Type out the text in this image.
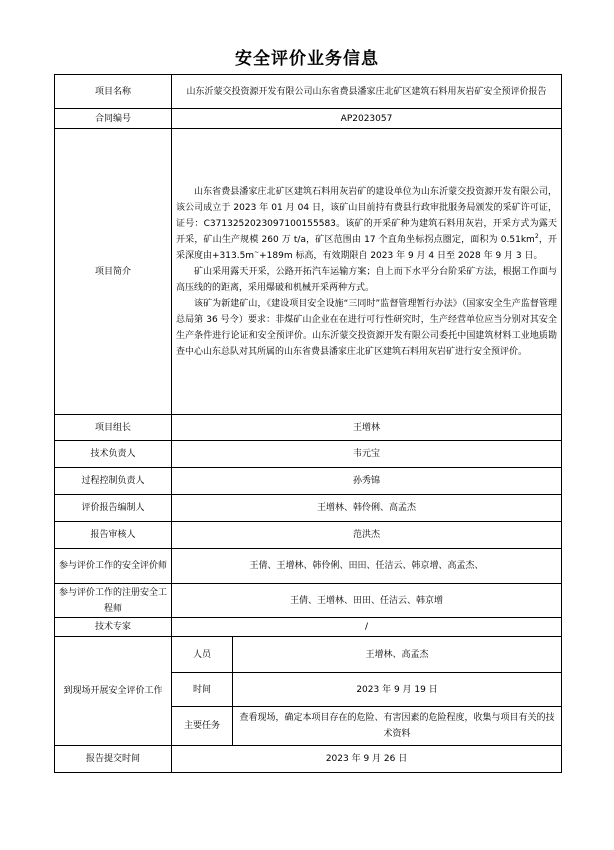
安全评价业务信息
项目名称	山东沂蒙交投资源开发有限公司山东省费县潘家庄北矿区建筑石料用灰岩矿安全预评价报告	
合同编号	AP2023057	
项目简介	山东省费县潘家庄北矿区建筑石料用灰岩矿的建设单位为山东沂蒙交投资源开发有限公司，该公司成立于 2023 年 01 月 04 日，该矿山目前持有费县行政审批服务局颁发的采矿许可证，证号：C3713252023097100155583。该矿的开采矿种为建筑石料用灰岩，开采方式为露天开采，矿山生产规模 260 万 t/a，矿区范围由 17 个直角坐标拐点圈定，面积为 $0.51km^2$，开采深度由+313.5m~+189m 标高，有效期限自 2023 年 9 月 4 日至 2028 年 9 月 3 日。

矿山采用露天开采，公路开拓汽车运输方案；自上而下水平分台阶采矿方法，根据工作面与高压线的的距离，采用爆破和机械开采两种方式。

该矿为新建矿山，《建设项目安全设施“三同时”监督管理暂行办法》（国家安全生产监督管理总局第 36 号令）要求：非煤矿山企业在在进行可行性研究时，生产经营单位应当分别对其安全生产条件进行论证和安全预评价。山东沂蒙交投资源开发有限公司委托中国建筑材料工业地质勘查中心山东总队对其所属的山东省费县潘家庄北矿区建筑石料用灰岩矿进行安全预评价。	

项目组长	王增林	
技术负责人	韦元宝	
过程控制负责人	孙秀锦	
评价报告编制人	王增林、韩伶俐、高孟杰	
报告审核人	范洪杰	
参与评价工作的安全评价师	王倩、王增林、韩伶俐、田田、任洁云、韩京增、高孟杰、	
参与评价工作的注册安全工程师	王倩、王增林、田田、任洁云、韩京增	
技术专家	/	
到现场开展安全评价工作	人员	王增林、高孟杰
	时间	2023 年 9 月 19 日
	主要任务	查看现场，确定本项目存在的危险、有害因素的危险程度，收集与项目有关的技术资料
报告提交时间	2023 年 9 月 26 日	
